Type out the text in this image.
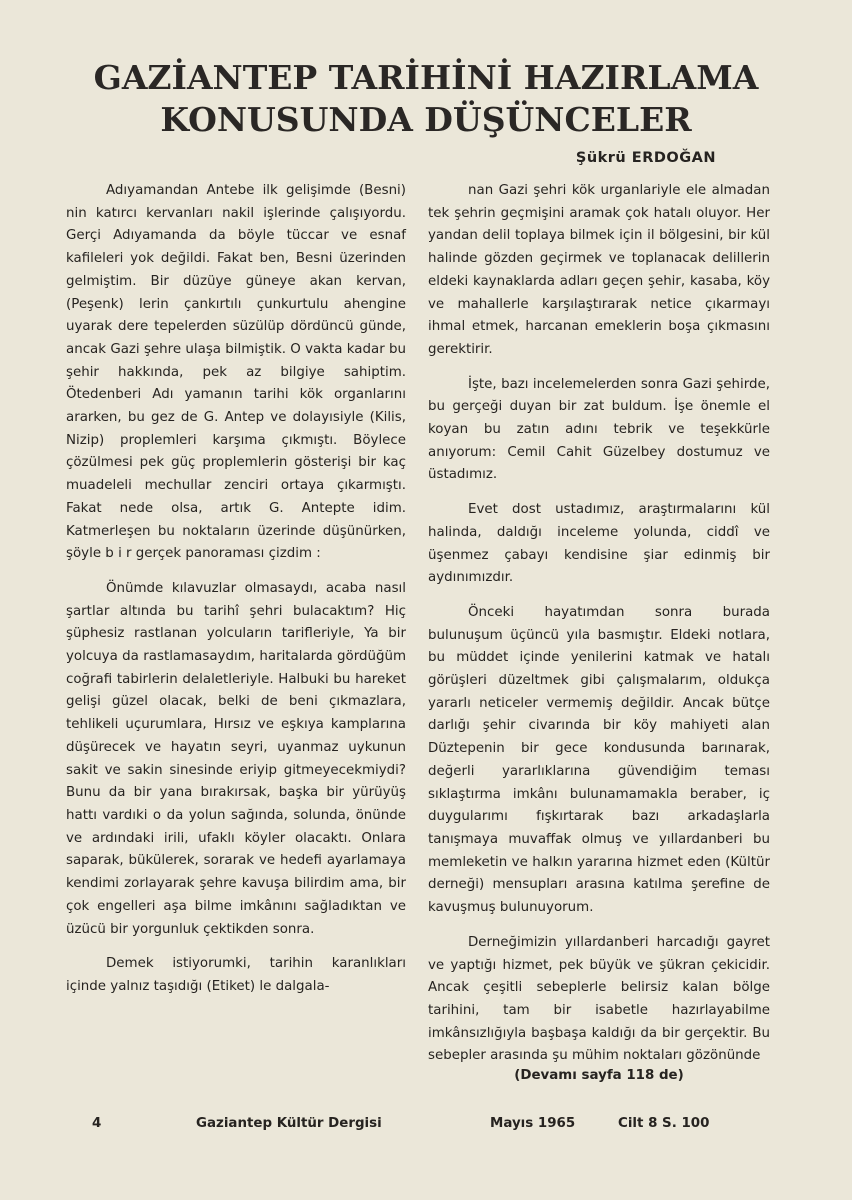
GAZİANTEP TARİHİNİ HAZIRLAMA
KONUSUNDA DÜŞÜNCELER
Şükrü ERDOĞAN

Adıyamandan Antebe ilk gelişimde (Besni) nin katırcı kervanları nakil işlerinde çalışıyordu. Gerçi Adıyamanda da böyle tüccar ve esnaf kafileleri yok değildi. Fakat ben, Besni üzerinden gelmiştim. Bir düzüye güneye akan kervan, (Peşenk) lerin çankırtılı çunkurtulu ahengine uyarak dere tepelerden süzülüp dördüncü günde, ancak Gazi şehre ulaşa bilmiştik. O vakta kadar bu şehir hakkında, pek az bilgiye sahiptim. Ötedenberi Adı yamanın tarihi kök organlarını ararken, bu gez de G. Antep ve dolayısiyle (Kilis, Nizip) proplemleri karşıma çıkmıştı. Böylece çözülmesi pek güç proplemlerin gösterişi bir kaç muadeleli mechullar zenciri ortaya çıkarmıştı. Fakat nede olsa, artık G. Antepte idim. Katmerleşen bu noktaların üzerinde düşünürken, şöyle b i r gerçek panoraması çizdim :

Önümde kılavuzlar olmasaydı, acaba nasıl şartlar altında bu tarihî şehri bulacaktım? Hiç şüphesiz rastlanan yolcuların tarifleriyle, Ya bir yolcuya da rastlamasaydım, haritalarda gördüğüm coğrafi tabirlerin delaletleriyle. Halbuki bu hareket gelişi güzel olacak, belki de beni çıkmazlara, tehlikeli uçurumlara, Hırsız ve eşkıya kamplarına düşürecek ve hayatın seyri, uyanmaz uykunun sakit ve sakin sinesinde eriyip gitmeyecekmiydi? Bunu da bir yana bırakırsak, başka bir yürüyüş hattı vardıki o da yolun sağında, solunda, önünde ve ardındaki irili, ufaklı köyler olacaktı. Onlara saparak, bükülerek, sorarak ve hedefi ayarlamaya kendimi zorlayarak şehre kavuşa bilirdim ama, bir çok engelleri aşa bilme imkânını sağladıktan ve üzücü bir yorgunluk çektikden sonra.

Demek istiyorumki, tarihin karanlıkları içinde yalnız taşıdığı (Etiket) le dalgala-

nan Gazi şehri kök urganlariyle ele almadan tek şehrin geçmişini aramak çok hatalı oluyor. Her yandan delil toplaya bilmek için il bölgesini, bir kül halinde gözden geçirmek ve toplanacak delillerin eldeki kaynaklarda adları geçen şehir, kasaba, köy ve mahallerle karşılaştırarak netice çıkarmayı ihmal etmek, harcanan emeklerin boşa çıkmasını gerektirir.

İşte, bazı incelemelerden sonra Gazi şehirde, bu gerçeği duyan bir zat buldum. İşe önemle el koyan bu zatın adını tebrik ve teşekkürle anıyorum: Cemil Cahit Güzelbey dostumuz ve üstadımız.

Evet dost ustadımız, araştırmalarını kül halinda, daldığı inceleme yolunda, ciddî ve üşenmez çabayı kendisine şiar edinmiş bir aydınımızdır.

Önceki hayatımdan sonra burada bulunuşum üçüncü yıla basmıştır. Eldeki notlara, bu müddet içinde yenilerini katmak ve hatalı görüşleri düzeltmek gibi çalışmalarım, oldukça yararlı neticeler vermemiş değildir. Ancak bütçe darlığı şehir civarında bir köy mahiyeti alan Düztepenin bir gece kondusunda barınarak, değerli yararlıklarına güvendiğim teması sıklaştırma imkânı bulunamamakla beraber, iç duygularımı fışkırtarak bazı arkadaşlarla tanışmaya muvaffak olmuş ve yıllardanberi bu memleketin ve halkın yararına hizmet eden (Kültür derneği) mensupları arasına katılma şerefine de kavuşmuş bulunuyorum.

Derneğimizin yıllardanberi harcadığı gayret ve yaptığı hizmet, pek büyük ve şükran çekicidir. Ancak çeşitli sebeplerle belirsiz kalan bölge tarihini, tam bir isabetle hazırlayabilme imkânsızlığıyla başbaşa kaldığı da bir gerçektir. Bu sebepler arasında şu mühim noktaları gözönünde

(Devamı sayfa 118 de)
4	Gaziantep Kültür Dergisi	Mayıs 1965	Cilt 8 S. 100
